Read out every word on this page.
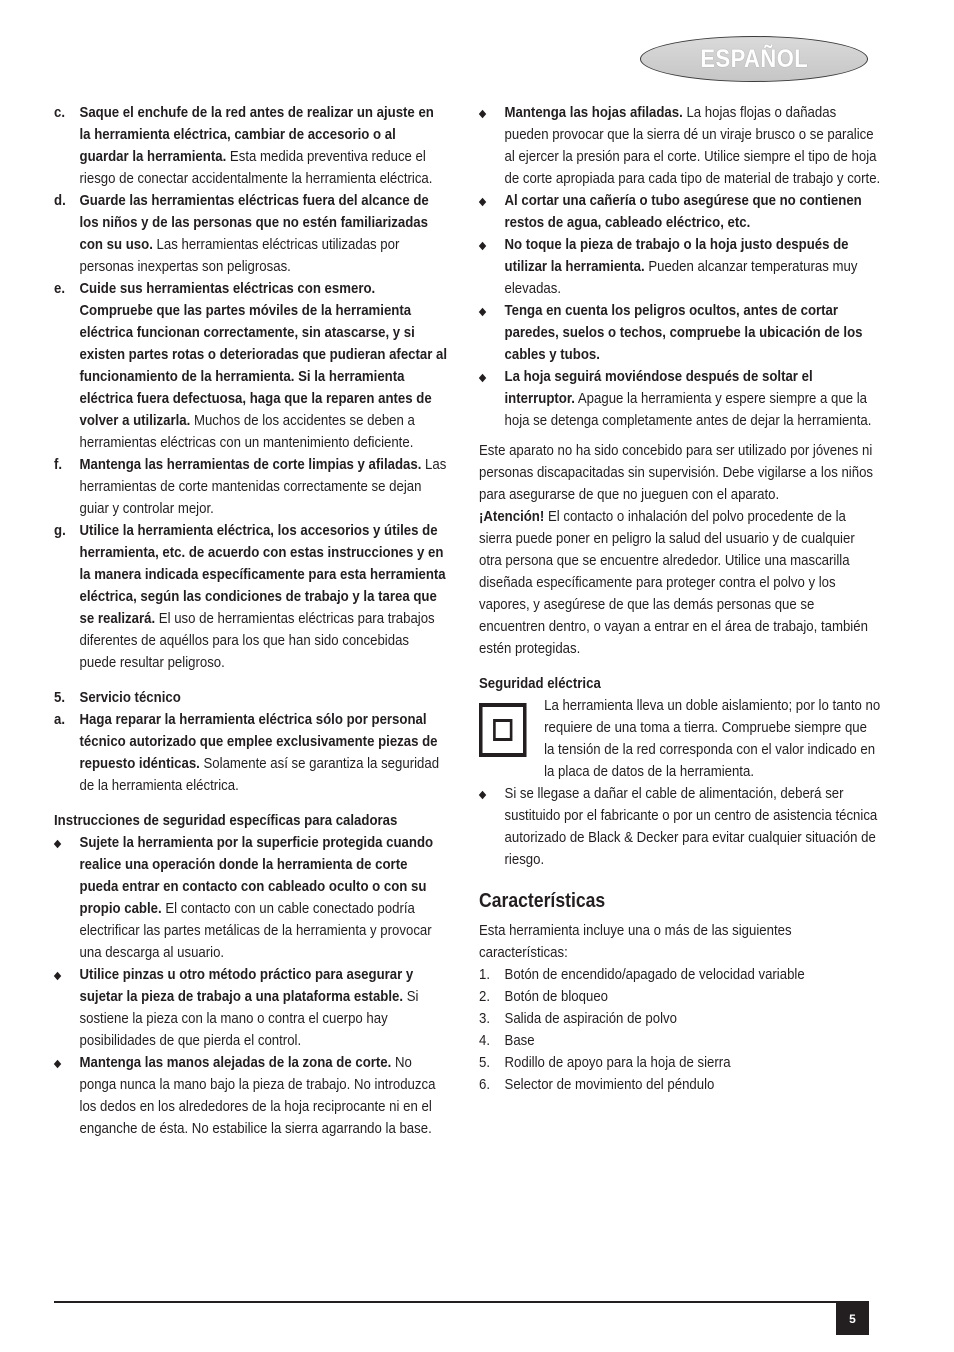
ESPAÑOL
c. Saque el enchufe de la red antes de realizar un ajuste en la herramienta eléctrica, cambiar de accesorio o al guardar la herramienta. Esta medida preventiva reduce el riesgo de conectar accidentalmente la herramienta eléctrica.
d. Guarde las herramientas eléctricas fuera del alcance de los niños y de las personas que no estén familiarizadas con su uso. Las herramientas eléctricas utilizadas por personas inexpertas son peligrosas.
e. Cuide sus herramientas eléctricas con esmero. Compruebe que las partes móviles de la herramienta eléctrica funcionan correctamente, sin atascarse, y si existen partes rotas o deterioradas que pudieran afectar al funcionamiento de la herramienta. Si la herramienta eléctrica fuera defectuosa, haga que la reparen antes de volver a utilizarla. Muchos de los accidentes se deben a herramientas eléctricas con un mantenimiento deficiente.
f. Mantenga las herramientas de corte limpias y afiladas. Las herramientas de corte mantenidas correctamente se dejan guiar y controlar mejor.
g. Utilice la herramienta eléctrica, los accesorios y útiles de herramienta, etc. de acuerdo con estas instrucciones y en la manera indicada específicamente para esta herramienta eléctrica, según las condiciones de trabajo y la tarea que se realizará. El uso de herramientas eléctricas para trabajos diferentes de aquéllos para los que han sido concebidas puede resultar peligroso.
5. Servicio técnico
a. Haga reparar la herramienta eléctrica sólo por personal técnico autorizado que emplee exclusivamente piezas de repuesto idénticas. Solamente así se garantiza la seguridad de la herramienta eléctrica.
Instrucciones de seguridad específicas para caladoras
Sujete la herramienta por la superficie protegida cuando realice una operación donde la herramienta de corte pueda entrar en contacto con cableado oculto o con su propio cable. El contacto con un cable conectado podría electrificar las partes metálicas de la herramienta y provocar una descarga al usuario.
Utilice pinzas u otro método práctico para asegurar y sujetar la pieza de trabajo a una plataforma estable. Si sostiene la pieza con la mano o contra el cuerpo hay posibilidades de que pierda el control.
Mantenga las manos alejadas de la zona de corte. No ponga nunca la mano bajo la pieza de trabajo. No introduzca los dedos en los alrededores de la hoja reciprocante ni en el enganche de ésta. No estabilice la sierra agarrando la base.
Mantenga las hojas afiladas. La hojas flojas o dañadas pueden provocar que la sierra dé un viraje brusco o se paralice al ejercer la presión para el corte. Utilice siempre el tipo de hoja de corte apropiada para cada tipo de material de trabajo y corte.
Al cortar una cañería o tubo asegúrese que no contienen restos de agua, cableado eléctrico, etc.
No toque la pieza de trabajo o la hoja justo después de utilizar la herramienta. Pueden alcanzar temperaturas muy elevadas.
Tenga en cuenta los peligros ocultos, antes de cortar paredes, suelos o techos, compruebe la ubicación de los cables y tubos.
La hoja seguirá moviéndose después de soltar el interruptor. Apague la herramienta y espere siempre a que la hoja se detenga completamente antes de dejar la herramienta.
Este aparato no ha sido concebido para ser utilizado por jóvenes ni personas discapacitadas sin supervisión. Debe vigilarse a los niños para asegurarse de que no jueguen con el aparato.
¡Atención! El contacto o inhalación del polvo procedente de la sierra puede poner en peligro la salud del usuario y de cualquier otra persona que se encuentre alrededor. Utilice una mascarilla diseñada específicamente para proteger contra el polvo y los vapores, y asegúrese de que las demás personas que se encuentren dentro, o vayan a entrar en el área de trabajo, también estén protegidas.
Seguridad eléctrica
La herramienta lleva un doble aislamiento; por lo tanto no requiere de una toma a tierra. Compruebe siempre que la tensión de la red corresponda con el valor indicado en la placa de datos de la herramienta.
Si se llegase a dañar el cable de alimentación, deberá ser sustituido por el fabricante o por un centro de asistencia técnica autorizado de Black & Decker para evitar cualquier situación de riesgo.
Características
Esta herramienta incluye una o más de las siguientes características:
1. Botón de encendido/apagado de velocidad variable
2. Botón de bloqueo
3. Salida de aspiración de polvo
4. Base
5. Rodillo de apoyo para la hoja de sierra
6. Selector de movimiento del péndulo
5
